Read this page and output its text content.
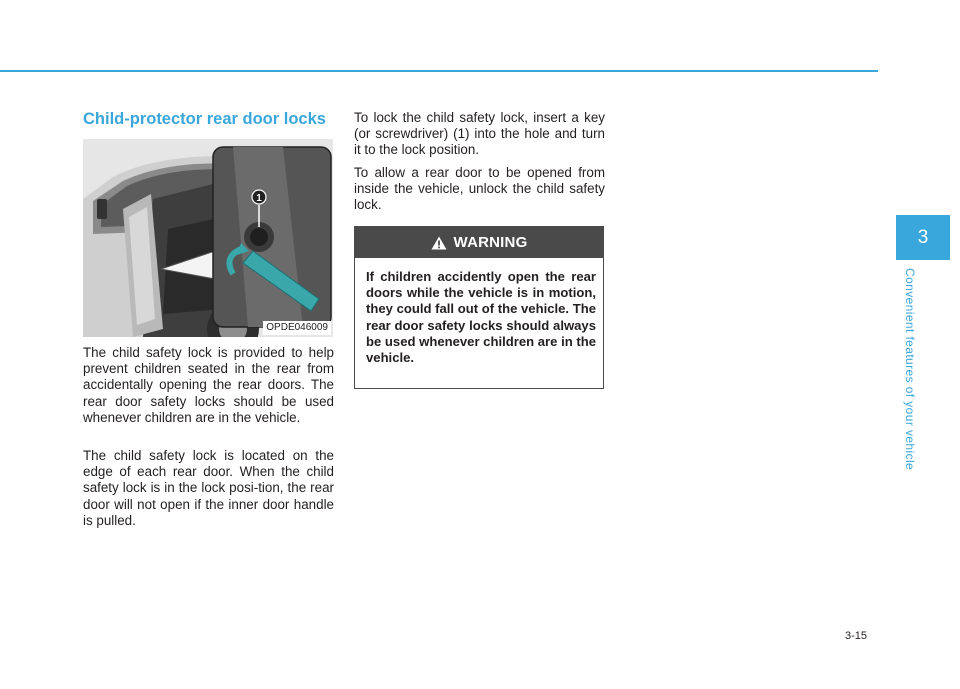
Child-protector rear door locks
1
OPDE046009

The child safety lock is provided to help prevent children seated in the rear from accidentally opening the rear doors. The rear door safety locks should be used whenever children are in the vehicle.

The child safety lock is located on the edge of each rear door. When the child safety lock is in the lock posi-tion, the rear door will not open if the inner door handle is pulled.

To lock the child safety lock, insert a key (or screwdriver) (1) into the hole and turn it to the lock position.

To allow a rear door to be opened from inside the vehicle, unlock the child safety lock.

WARNING

If children accidently open the rear doors while the vehicle is in motion, they could fall out of the vehicle. The rear door safety locks should always be used whenever children are in the vehicle.

3
Convenient features of your vehicle
3-15
